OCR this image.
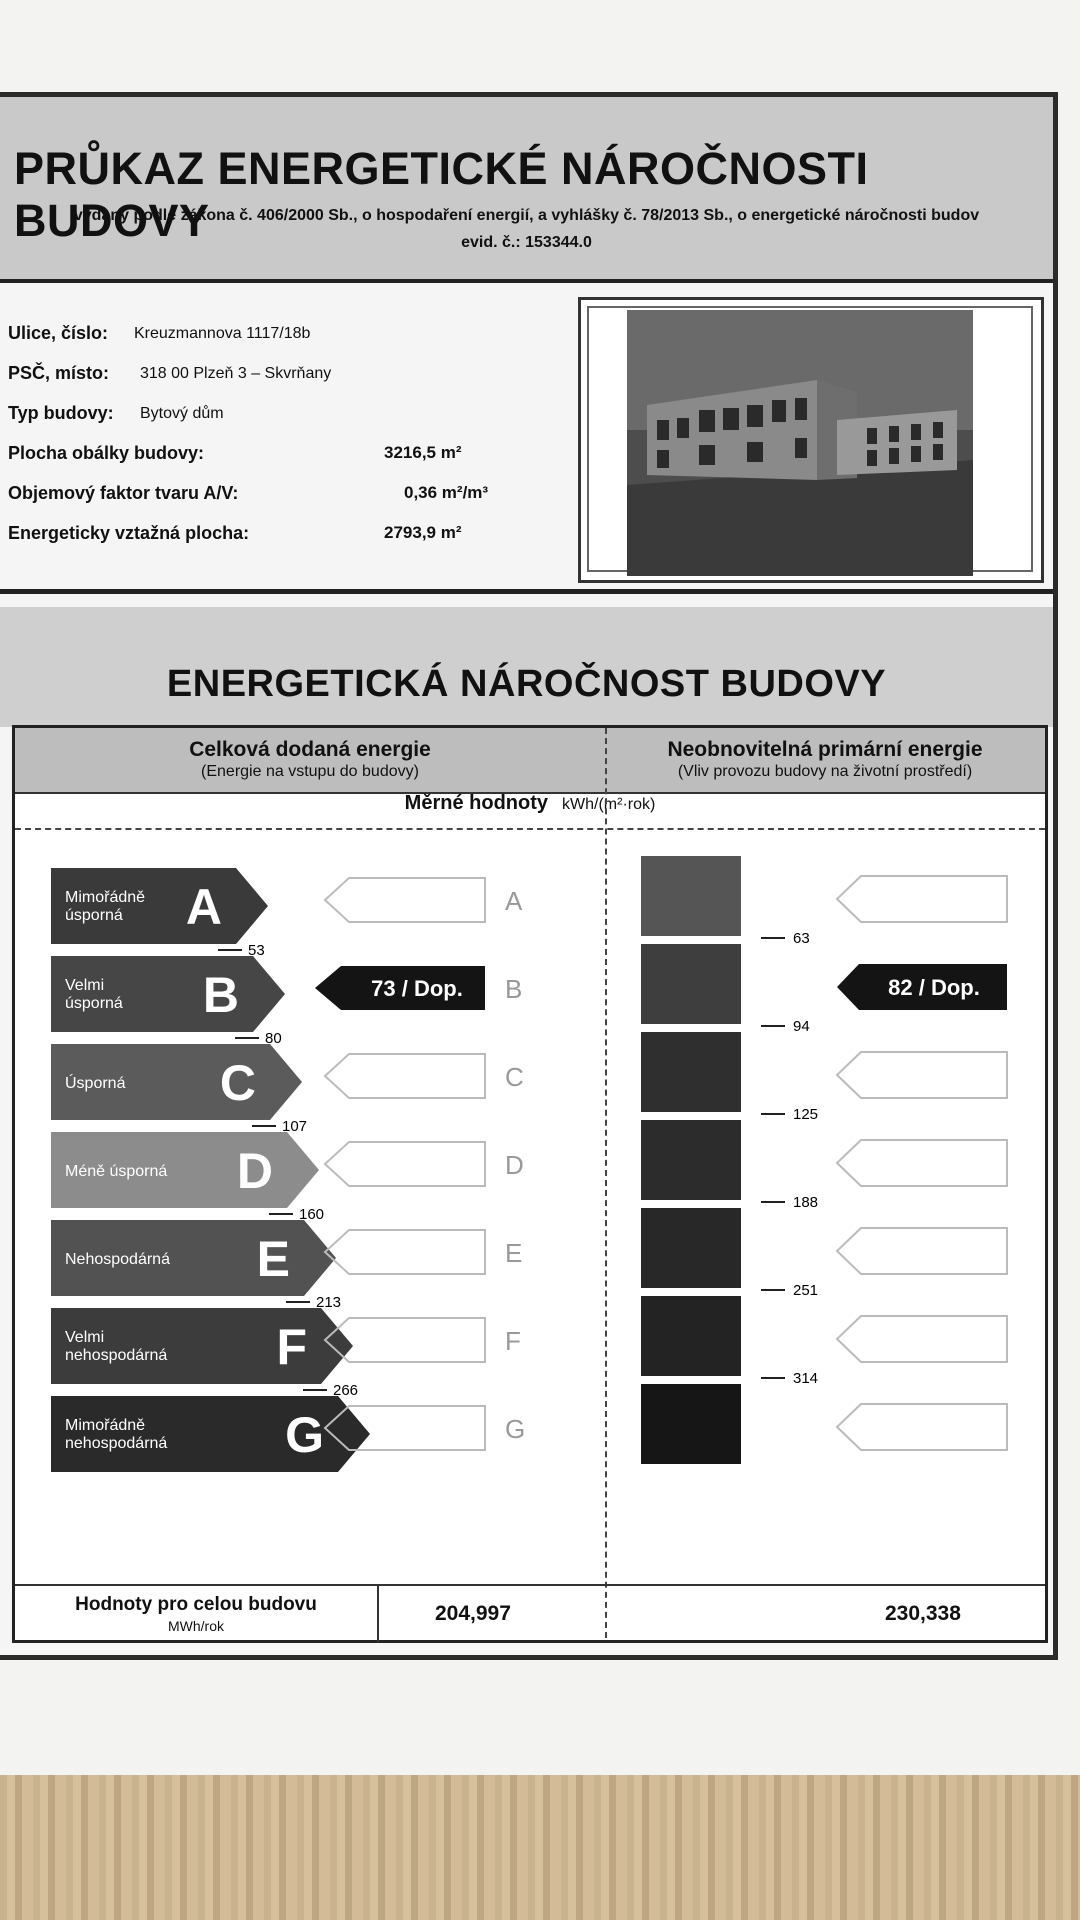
PRŮKAZ ENERGETICKÉ NÁROČNOSTI BUDOVY
vydaný podle zákona č. 406/2000 Sb., o hospodaření energií, a vyhlášky č. 78/2013 Sb., o energetické náročnosti budov
evid. č.: 153344.0
Ulice, číslo: Kreuzmannova 1117/18b
PSČ, místo: 318 00 Plzeň 3 – Skvrňany
Typ budovy: Bytový dům
Plocha obálky budovy:	3216,5 m²
Objemový faktor tvaru A/V:	0,36 m²/m³
Energeticky vztažná plocha:	2793,9 m²
ENERGETICKÁ NÁROČNOST BUDOVY
Celková dodaná energie
(Energie na vstupu do budovy)
Neobnovitelná primární energie
(Vliv provozu budovy na životní prostředí)
Měrné hodnoty kWh/(m²·rok)
Mimořádně
úsporná A	A
53
63
Velmi
úsporná B	73 / Dop. B
80
94
82 / Dop.
Úsporná C	C
107
125
Méně úsporná D	D
160
188
Nehospodárná E	E
213
251
Velmi
nehospodárná F	F
266
314
Mimořádně
nehospodárná G	G
Hodnoty pro celou budovu
MWh/rok
204,997	230,338
